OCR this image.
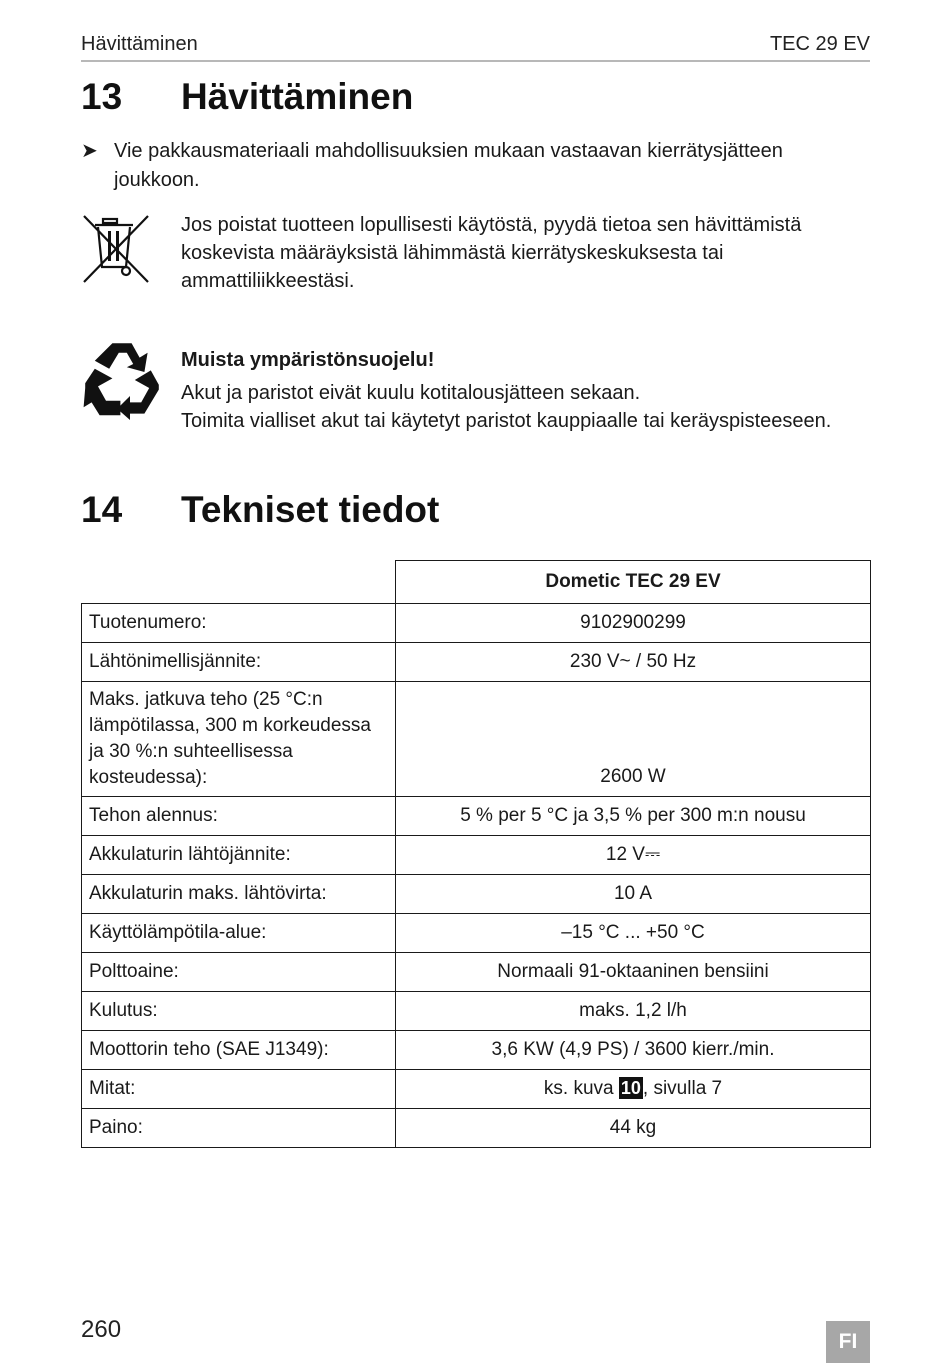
Hävittäminen	TEC 29 EV
13 Hävittäminen
➤ Vie pakkausmateriaali mahdollisuuksien mukaan vastaavan kierrätysjätteen joukkoon.
Jos poistat tuotteen lopullisesti käytöstä, pyydä tietoa sen hävittämistä koskevista määräyksistä lähimmästä kierrätyskeskuksesta tai ammattiliikkeestäsi.
Muista ympäristönsuojelu!
Akut ja paristot eivät kuulu kotitalousjätteen sekaan.
Toimita vialliset akut tai käytetyt paristot kauppiaalle tai keräyspisteeseen.
14 Tekniset tiedot
	Dometic TEC 29 EV
Tuotenumero:	9102900299
Lähtönimellisjännite:	230 V~ / 50 Hz
Maks. jatkuva teho (25 °C:n lämpötilassa, 300 m korkeudessa ja 30 %:n suhteellisessa kosteudessa):	2600 W
Tehon alennus:	5 % per 5 °C ja 3,5 % per 300 m:n nousu
Akkulaturin lähtöjännite:	12 V⎓
Akkulaturin maks. lähtövirta:	10 A
Käyttölämpötila-alue:	–15 °C ... +50 °C
Polttoaine:	Normaali 91-oktaaninen bensiini
Kulutus:	maks. 1,2 l/h
Moottorin teho (SAE J1349):	3,6 KW (4,9 PS) / 3600 kierr./min.
Mitat:	ks. kuva 10 , sivulla 7
Paino:	44 kg
260	FI
